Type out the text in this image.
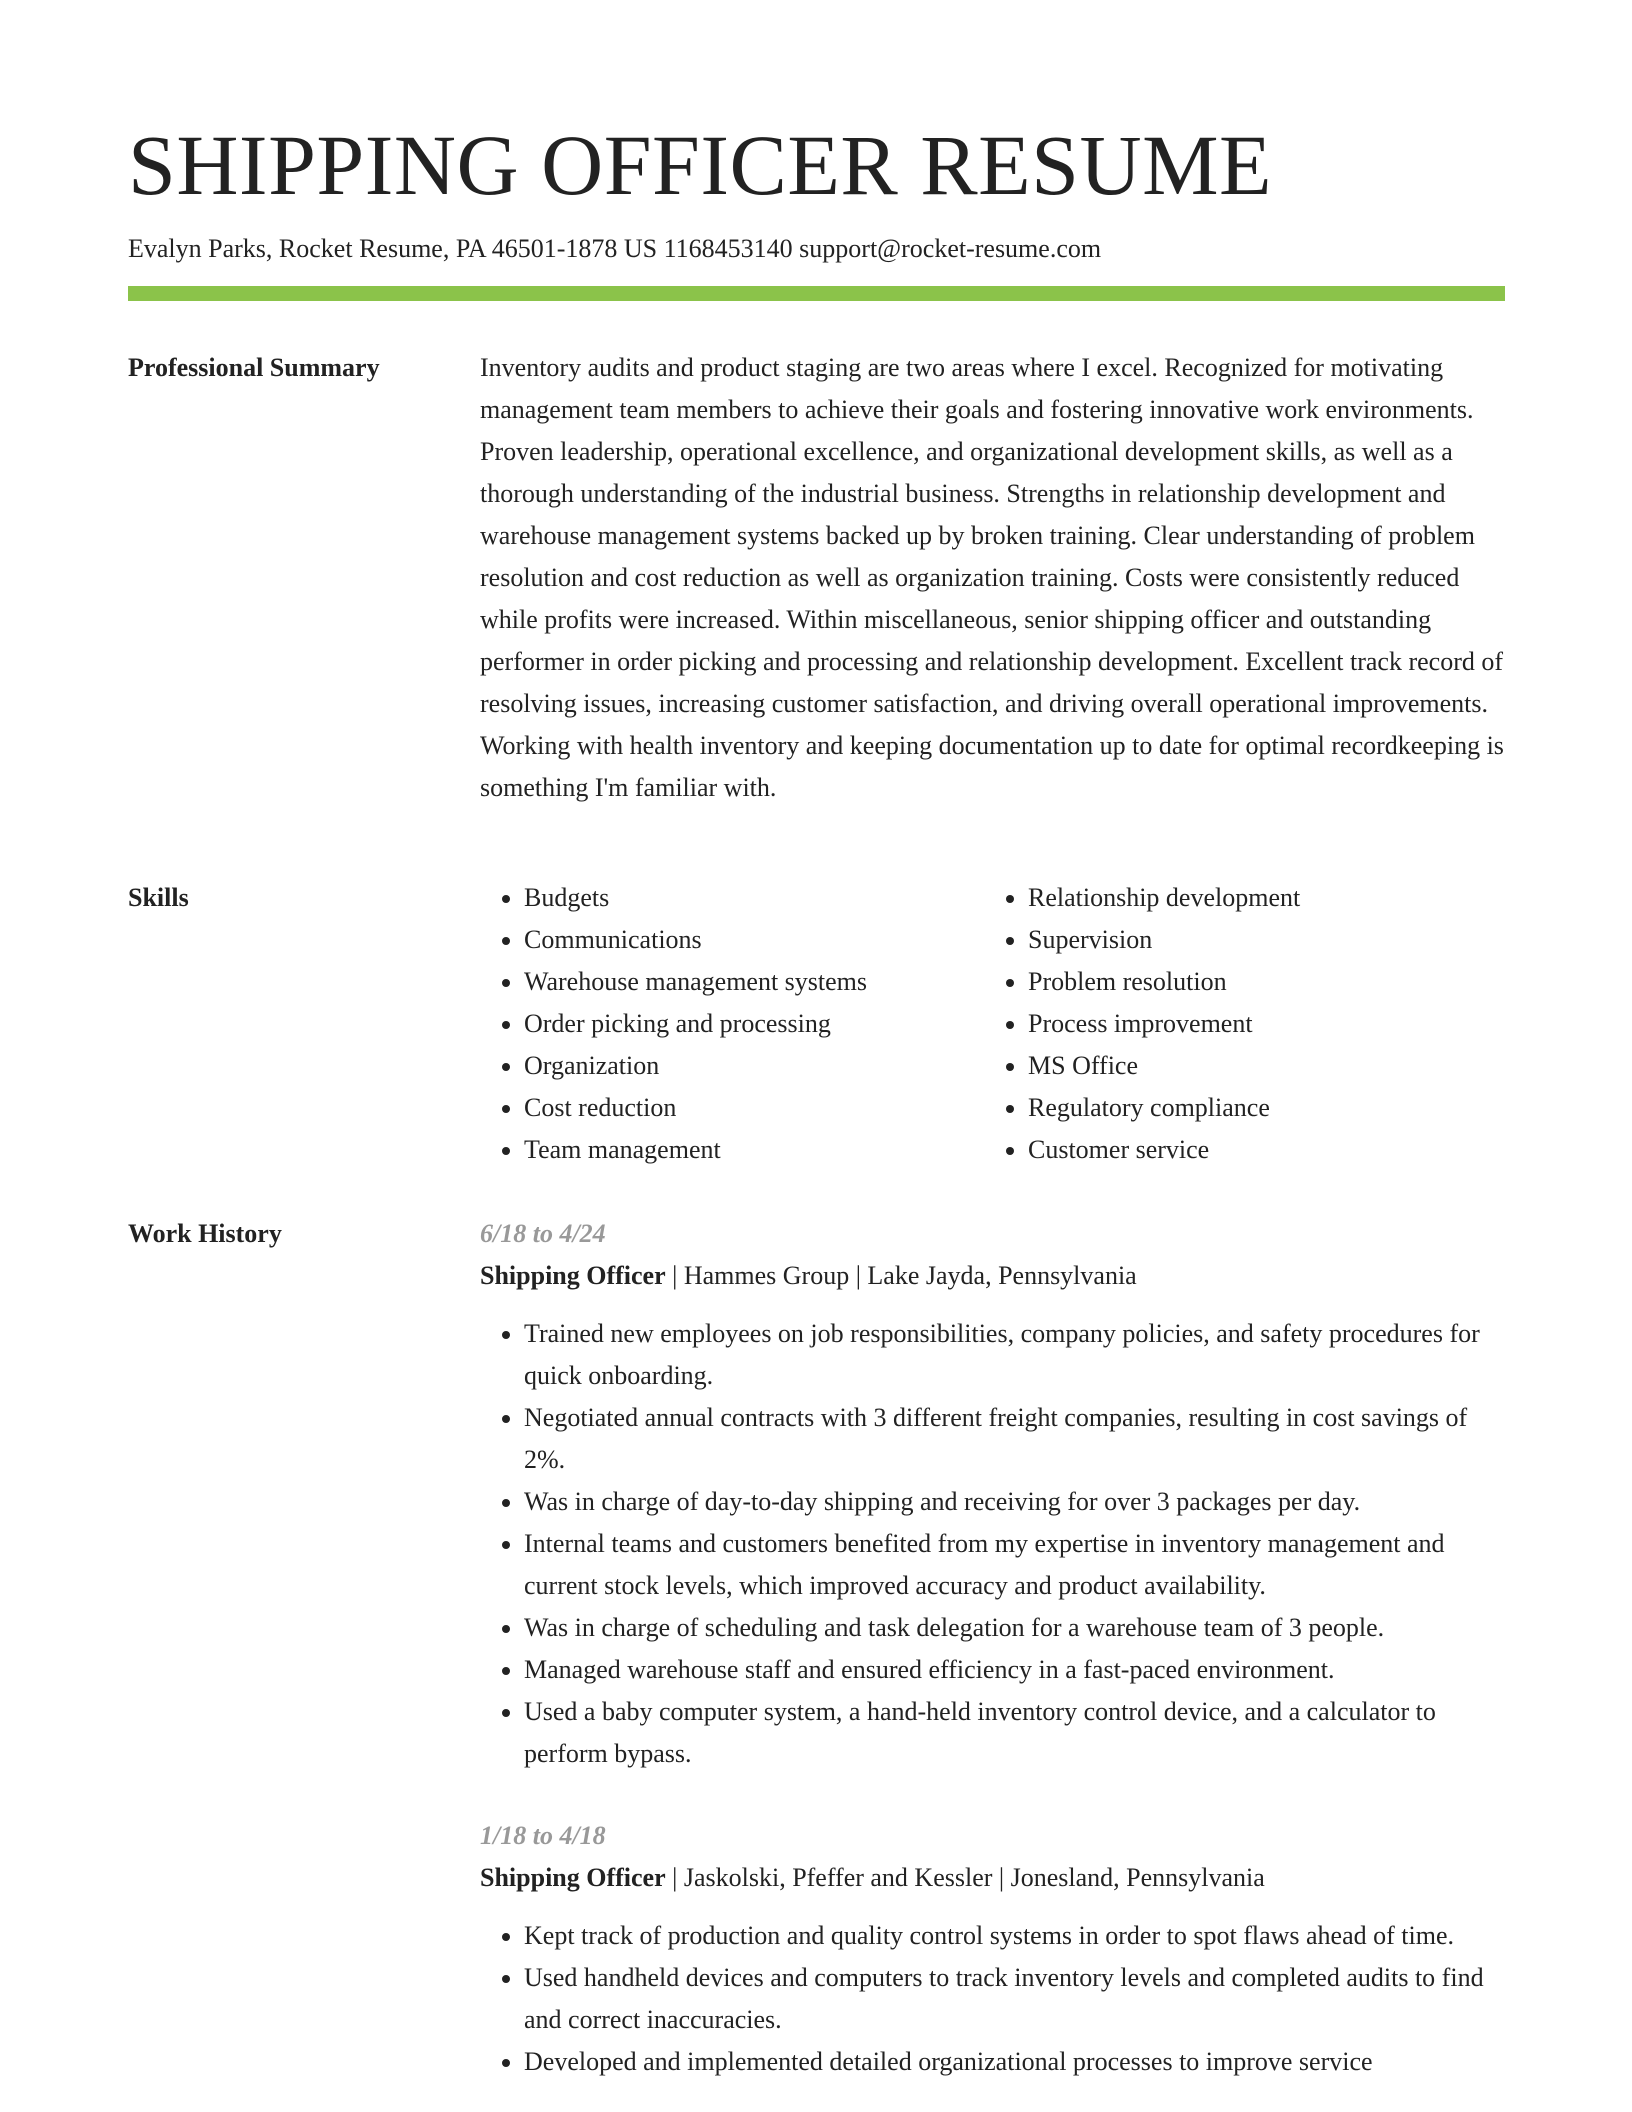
SHIPPING OFFICER RESUME
Evalyn Parks, Rocket Resume, PA 46501-1878 US 1168453140 support@rocket-resume.com
Professional Summary	Inventory audits and product staging are two areas where I excel. Recognized for motivating management team members to achieve their goals and fostering innovative work environments. Proven leadership, operational excellence, and organizational development skills, as well as a thorough understanding of the industrial business. Strengths in relationship development and warehouse management systems backed up by broken training. Clear understanding of problem resolution and cost reduction as well as organization training. Costs were consistently reduced while profits were increased. Within miscellaneous, senior shipping officer and outstanding performer in order picking and processing and relationship development. Excellent track record of resolving issues, increasing customer satisfaction, and driving overall operational improvements. Working with health inventory and keeping documentation up to date for optimal recordkeeping is something I'm familiar with.

Skills
•	Budgets
• Communications
• Warehouse management systems
• Order picking and processing
• Organization
• Cost reduction
• Team management
• Relationship development
• Supervision
• Problem resolution
• Process improvement
• MS Office
• Regulatory compliance
• Customer service
Work History	6/18 to 4/24
Shipping Officer | Hammes Group | Lake Jayda, Pennsylvania
• Trained new employees on job responsibilities, company policies, and safety procedures for quick onboarding.
• Negotiated annual contracts with 3 different freight companies, resulting in cost savings of 2%.
• Was in charge of day-to-day shipping and receiving for over 3 packages per day.
• Internal teams and customers benefited from my expertise in inventory management and current stock levels, which improved accuracy and product availability.
• Was in charge of scheduling and task delegation for a warehouse team of 3 people.
• Managed warehouse staff and ensured efficiency in a fast-paced environment.
• Used a baby computer system, a hand-held inventory control device, and a calculator to perform bypass.
1/18 to 4/18
Shipping Officer | Jaskolski, Pfeffer and Kessler | Jonesland, Pennsylvania
• Kept track of production and quality control systems in order to spot flaws ahead of time.
• Used handheld devices and computers to track inventory levels and completed audits to find and correct inaccuracies.
• Developed and implemented detailed organizational processes to improve service
